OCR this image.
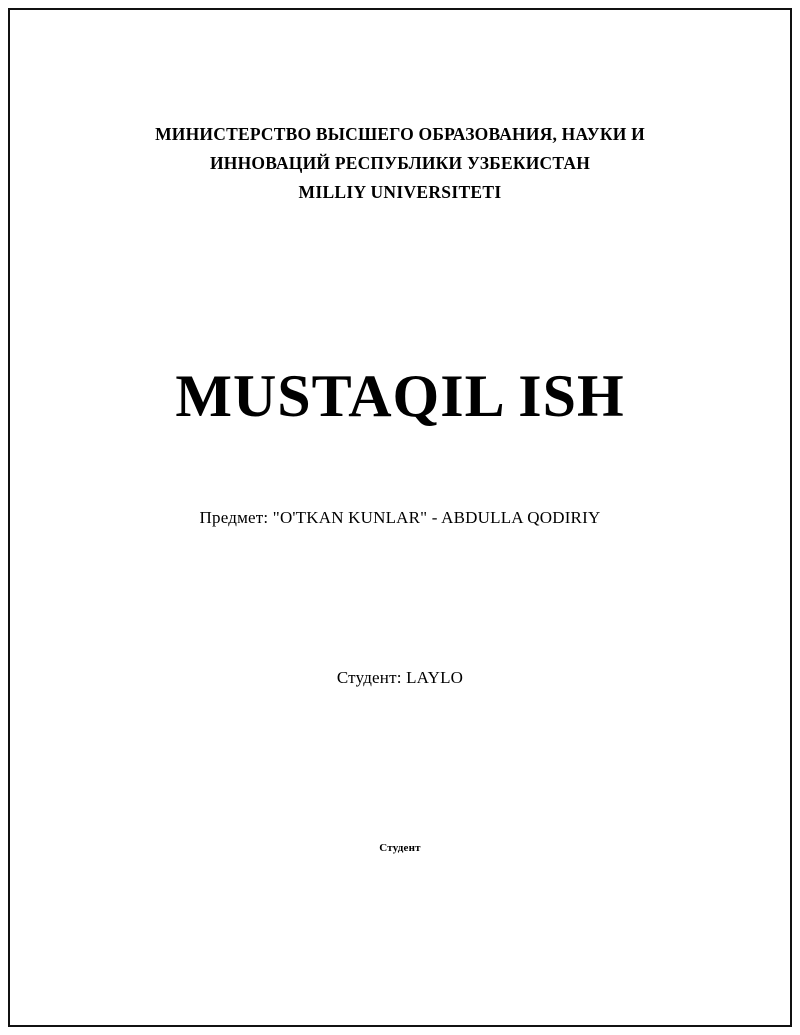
МИНИСТЕРСТВО ВЫСШЕГО ОБРАЗОВАНИЯ, НАУКИ И
ИННОВАЦИЙ РЕСПУБЛИКИ УЗБЕКИСТАН
MILLIY UNIVERSITETI
MUSTAQIL ISH
Предмет: "O'TKAN KUNLAR" - ABDULLA QODIRIY
Студент: LAYLO
Студент
